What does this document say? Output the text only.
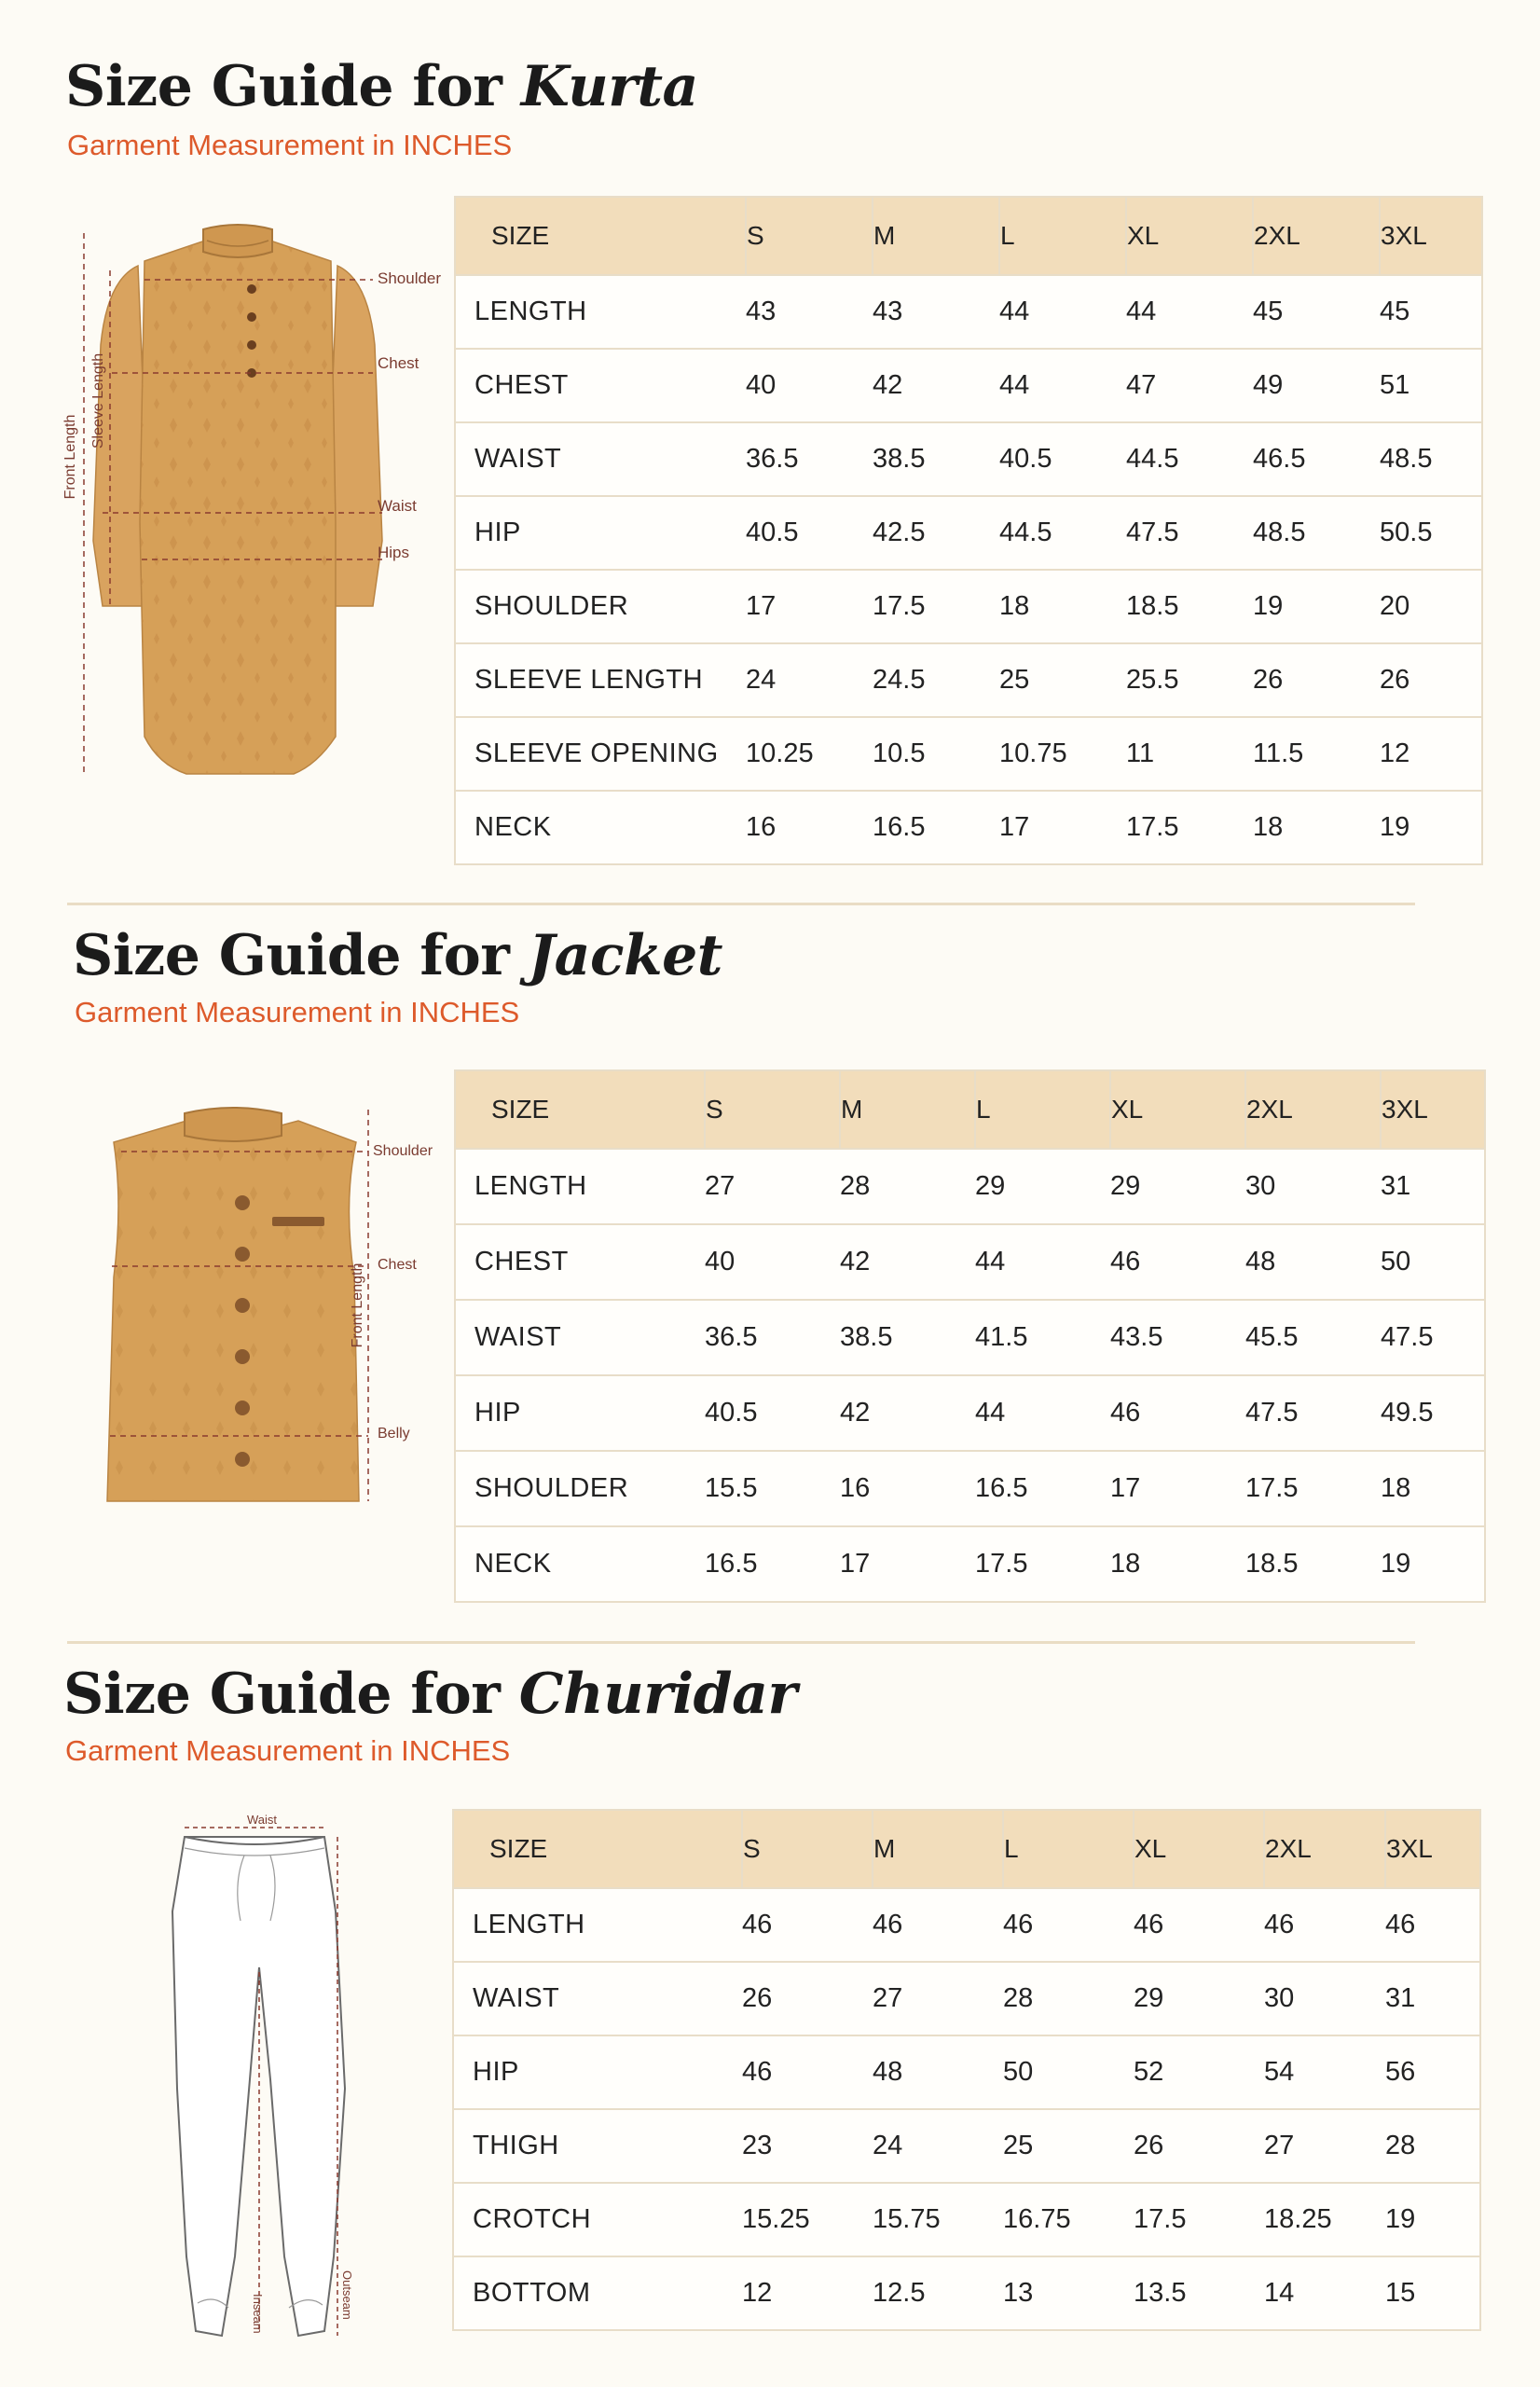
Size Guide for Kurta

Garment Measurement in INCHES

Shoulder
Chest
Waist
Hips
Front Length
Sleeve Length
SIZE	S	M	L	XL	2XL	3XL
LENGTH	43	43	44	44	45	45
CHEST	40	42	44	47	49	51
WAIST	36.5	38.5	40.5	44.5	46.5	48.5
HIP	40.5	42.5	44.5	47.5	48.5	50.5
SHOULDER	17	17.5	18	18.5	19	20
SLEEVE LENGTH	24	24.5	25	25.5	26	26
SLEEVE OPENING	10.25	10.5	10.75	11	11.5	12
NECK	16	16.5	17	17.5	18	19
Size Guide for Jacket

Garment Measurement in INCHES

Shoulder
Chest
Belly
Front Length
SIZE	S	M	L	XL	2XL	3XL
LENGTH	27	28	29	29	30	31
CHEST	40	42	44	46	48	50
WAIST	36.5	38.5	41.5	43.5	45.5	47.5
HIP	40.5	42	44	46	47.5	49.5
SHOULDER	15.5	16	16.5	17	17.5	18
NECK	16.5	17	17.5	18	18.5	19
Size Guide for Churidar

Garment Measurement in INCHES

Waist
Inseam	Outseam
SIZE	S	M	L	XL	2XL	3XL
LENGTH	46	46	46	46	46	46
WAIST	26	27	28	29	30	31
HIP	46	48	50	52	54	56
THIGH	23	24	25	26	27	28
CROTCH	15.25	15.75	16.75	17.5	18.25	19
BOTTOM	12	12.5	13	13.5	14	15
